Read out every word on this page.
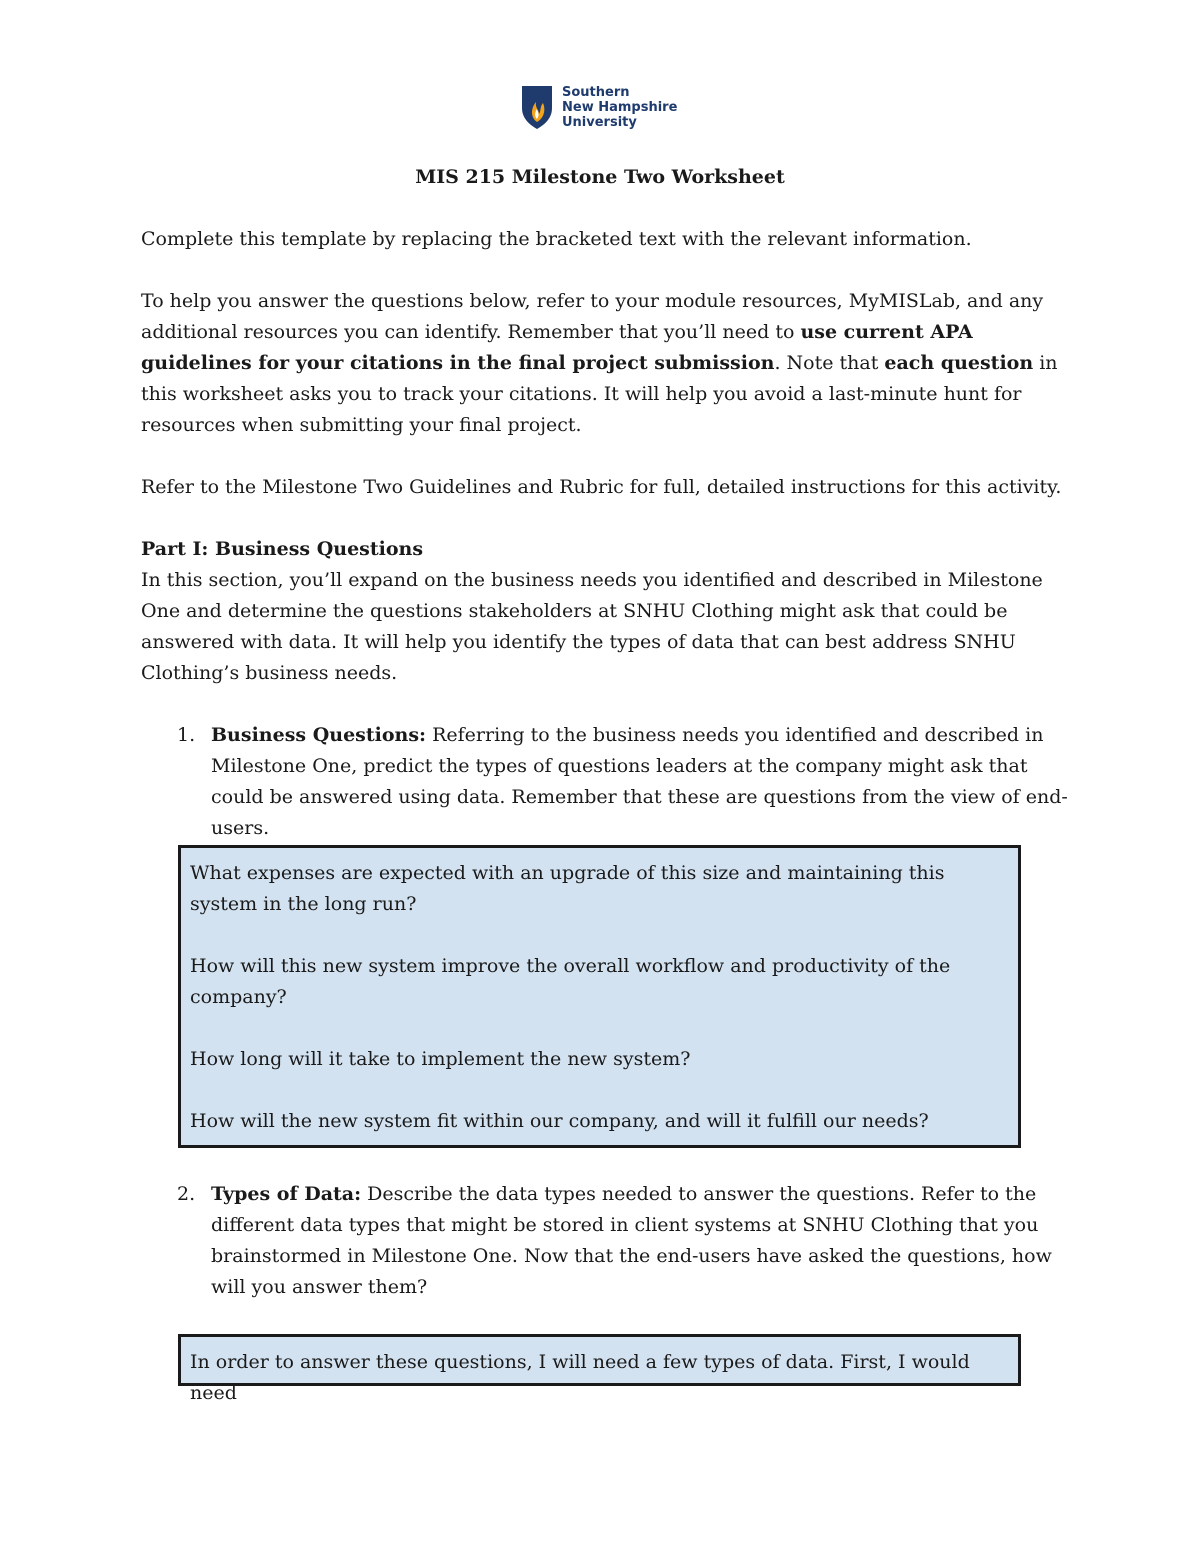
Southern
New Hampshire
University
MIS 215 Milestone Two Worksheet
Complete this template by replacing the bracketed text with the relevant information.
To help you answer the questions below, refer to your module resources, MyMISLab, and any additional resources you can identify. Remember that you’ll need to use current APA guidelines for your citations in the final project submission. Note that each question in this worksheet asks you to track your citations. It will help you avoid a last-minute hunt for resources when submitting your final project.
Refer to the Milestone Two Guidelines and Rubric for full, detailed instructions for this activity.
Part I: Business Questions
In this section, you’ll expand on the business needs you identified and described in Milestone One and determine the questions stakeholders at SNHU Clothing might ask that could be answered with data. It will help you identify the types of data that can best address SNHU Clothing’s business needs.
1. Business Questions: Referring to the business needs you identified and described in Milestone One, predict the types of questions leaders at the company might ask that could be answered using data. Remember that these are questions from the view of end-users.

What expenses are expected with an upgrade of this size and maintaining this system in the long run?

How will this new system improve the overall workflow and productivity of the company?

How long will it take to implement the new system?

How will the new system fit within our company, and will it fulfill our needs?

2. Types of Data: Describe the data types needed to answer the questions. Refer to the different data types that might be stored in client systems at SNHU Clothing that you brainstormed in Milestone One. Now that the end-users have asked the questions, how will you answer them?

In order to answer these questions, I will need a few types of data. First, I would need
